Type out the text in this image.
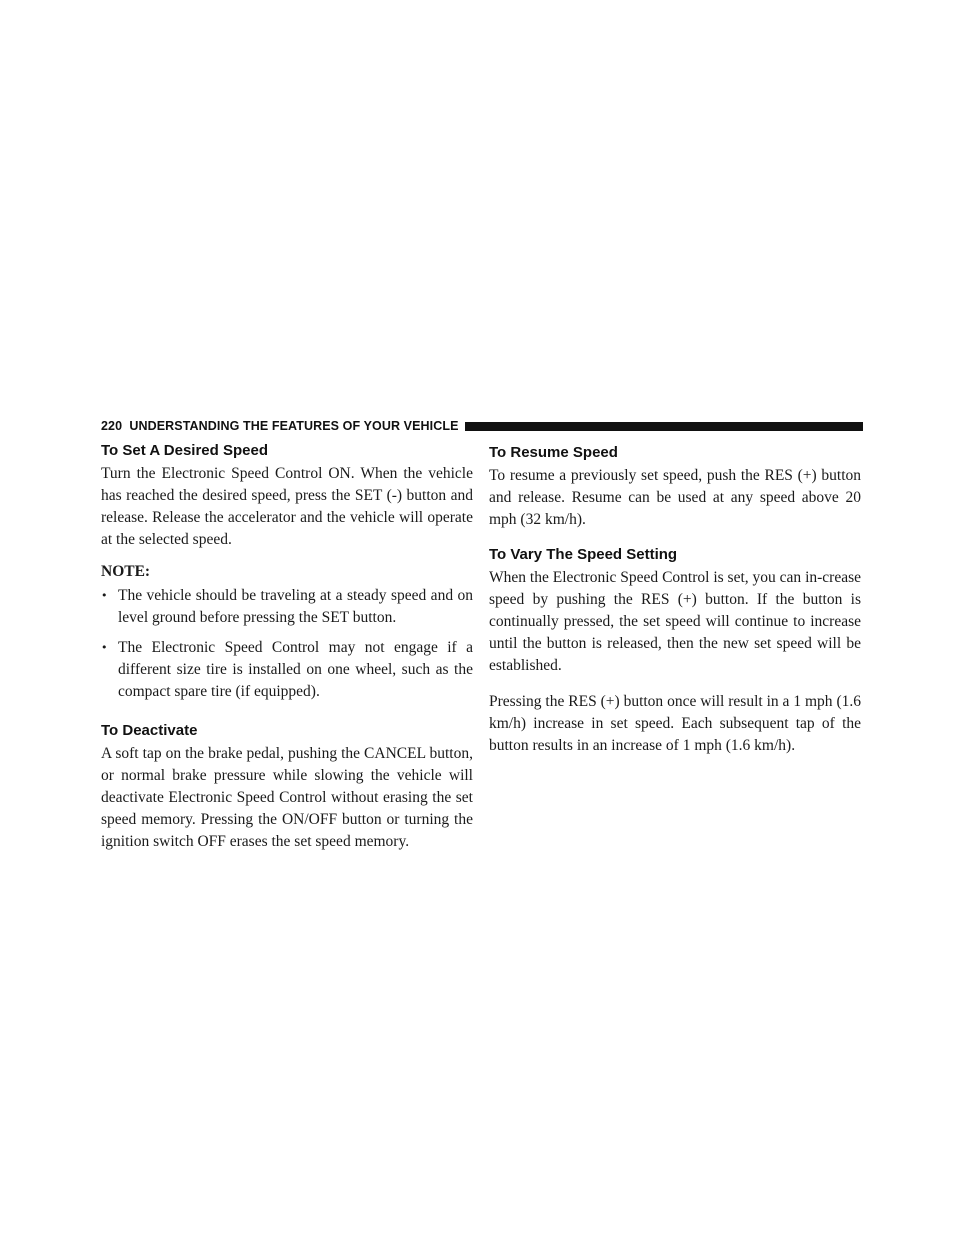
220 UNDERSTANDING THE FEATURES OF YOUR VEHICLE
To Set A Desired Speed

Turn the Electronic Speed Control ON. When the vehicle has reached the desired speed, press the SET (-) button and release. Release the accelerator and the vehicle will operate at the selected speed.

NOTE:
• The vehicle should be traveling at a steady speed and on level ground before pressing the SET button.
• The Electronic Speed Control may not engage if a different size tire is installed on one wheel, such as the compact spare tire (if equipped).
To Deactivate

A soft tap on the brake pedal, pushing the CANCEL button, or normal brake pressure while slowing the vehicle will deactivate Electronic Speed Control without erasing the set speed memory. Pressing the ON/OFF button or turning the ignition switch OFF erases the set speed memory.

To Resume Speed

To resume a previously set speed, push the RES (+) button and release. Resume can be used at any speed above 20 mph (32 km/h).

To Vary The Speed Setting

When the Electronic Speed Control is set, you can in-crease speed by pushing the RES (+) button. If the button is continually pressed, the set speed will continue to increase until the button is released, then the new set speed will be established.

Pressing the RES (+) button once will result in a 1 mph (1.6 km/h) increase in set speed. Each subsequent tap of the button results in an increase of 1 mph (1.6 km/h).
